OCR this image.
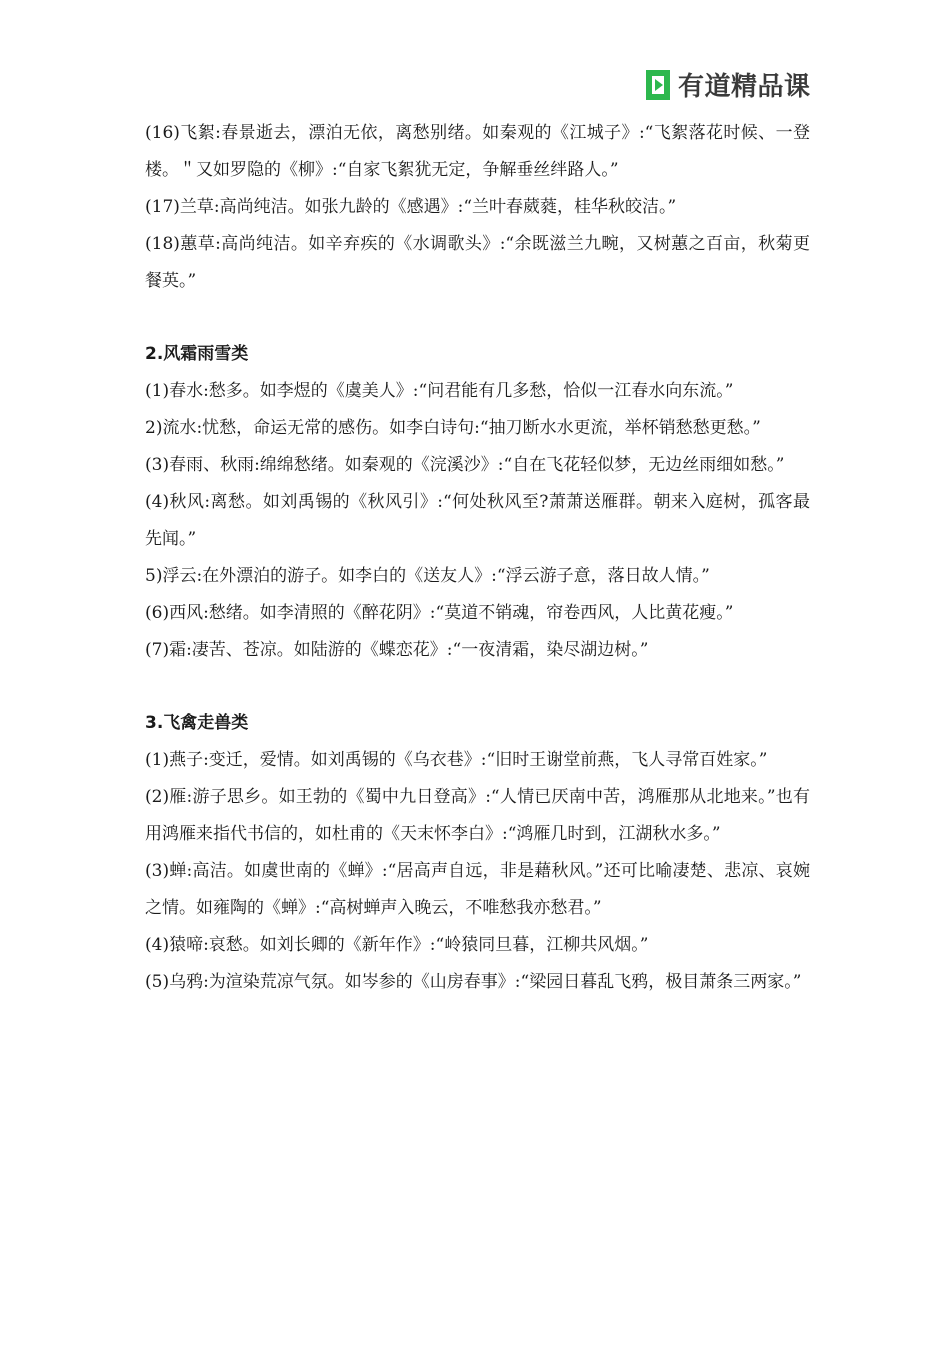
有道精品课

(16)飞絮:春景逝去，漂泊无依，离愁别绪。如秦观的《江城子》:“飞絮落花时候、一登楼。＂又如罗隐的《柳》:“自家飞絮犹无定，争解垂丝绊路人。”

(17)兰草:高尚纯洁。如张九龄的《感遇》:“兰叶春葳蕤，桂华秋皎洁。”

(18)蕙草:高尚纯洁。如辛弃疾的《水调歌头》:“余既滋兰九畹，又树蕙之百亩，秋菊更餐英。”

2.风霜雨雪类

(1)春水:愁多。如李煜的《虞美人》:“问君能有几多愁，恰似一江春水向东流。”

2)流水:忧愁，命运无常的感伤。如李白诗句:“抽刀断水水更流，举杯销愁愁更愁。”

(3)春雨、秋雨:绵绵愁绪。如秦观的《浣溪沙》:“自在飞花轻似梦，无边丝雨细如愁。”

(4)秋风:离愁。如刘禹锡的《秋风引》:“何处秋风至?萧萧送雁群。朝来入庭树，孤客最先闻。”

5)浮云:在外漂泊的游子。如李白的《送友人》:“浮云游子意，落日故人情。”

(6)西风:愁绪。如李清照的《醉花阴》:“莫道不销魂，帘卷西风，人比黄花瘦。”

(7)霜:凄苦、苍凉。如陆游的《蝶恋花》:“一夜清霜，染尽湖边树。”

3.飞禽走兽类

(1)燕子:变迁，爱情。如刘禹锡的《乌衣巷》:“旧时王谢堂前燕，飞人寻常百姓家。”

(2)雁:游子思乡。如王勃的《蜀中九日登高》:“人情已厌南中苦，鸿雁那从北地来。”也有用鸿雁来指代书信的，如杜甫的《天末怀李白》:“鸿雁几时到，江湖秋水多。”

(3)蝉:高洁。如虞世南的《蝉》:“居高声自远，非是藉秋风。”还可比喻凄楚、悲凉、哀婉之情。如雍陶的《蝉》:“高树蝉声入晚云，不唯愁我亦愁君。”

(4)猿啼:哀愁。如刘长卿的《新年作》:“岭猿同旦暮，江柳共风烟。”

(5)乌鸦:为渲染荒凉气氛。如岑参的《山房春事》:“梁园日暮乱飞鸦，极目萧条三两家。”
